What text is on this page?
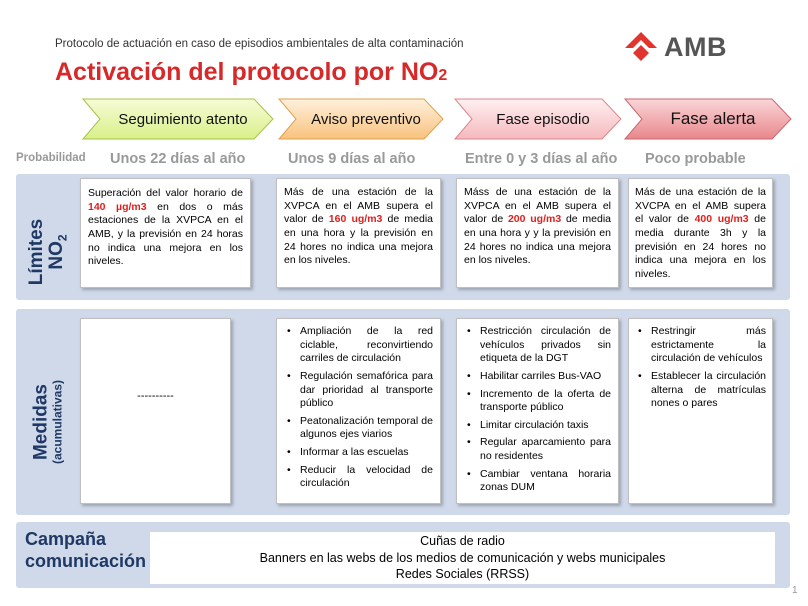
Protocolo de actuación en caso de episodios ambientales de alta contaminación
Activación del protocolo por NO2
AMB
Seguimiento atento	Aviso preventivo	Fase episodio	Fase alerta
Probabilidad Unos 22 días al año	Unos 9 días al año	Entre 0 y 3 días al año Poco probable
Límites
$NO_2$

Superación del valor horario de 140 µg/m3 en dos o más estaciones de la XVPCA en el AMB, y la previsión en 24 horas no indica una mejora en los niveles.

Más de una estación de la XVPCA en el AMB supera el valor de 160 ug/m3 de media en una hora y la previsión en 24 hores no indica una mejora en los niveles.

Máss de una estación de la XVPCA en el AMB supera el valor de 200 ug/m3 de media en una hora y y la previsión en 24 hores no indica una mejora en los niveles.

Más de una estación de la XVCPA en el AMB supera el valor de 400 ug/m3 de media durante 3h y la previsión en 24 hores no indica una mejora en los niveles.

Medidas
(acumulativas)	----------
• Ampliación de la red ciclable, reconvirtiendo carriles de circulación
• Regulación semafórica para dar prioridad al transporte público
• Peatonalización temporal de algunos ejes viarios
• Informar a las escuelas
• Reducir la velocidad de circulación
• Restricción circulación de vehículos privados sin etiqueta de la DGT
• Habilitar carriles Bus-VAO
• Incremento de la oferta de transporte público
• Limitar circulación taxis
• Regular aparcamiento para no residentes
• Cambiar ventana horaria zonas DUM
• Restringir más estrictamente la circulación de vehículos
• Establecer la circulación alterna de matrículas nones o pares
Campaña
comunicación
Cuñas de radio
Banners en las webs de los medios de comunicación y webs municipales
Redes Sociales (RRSS)
1
